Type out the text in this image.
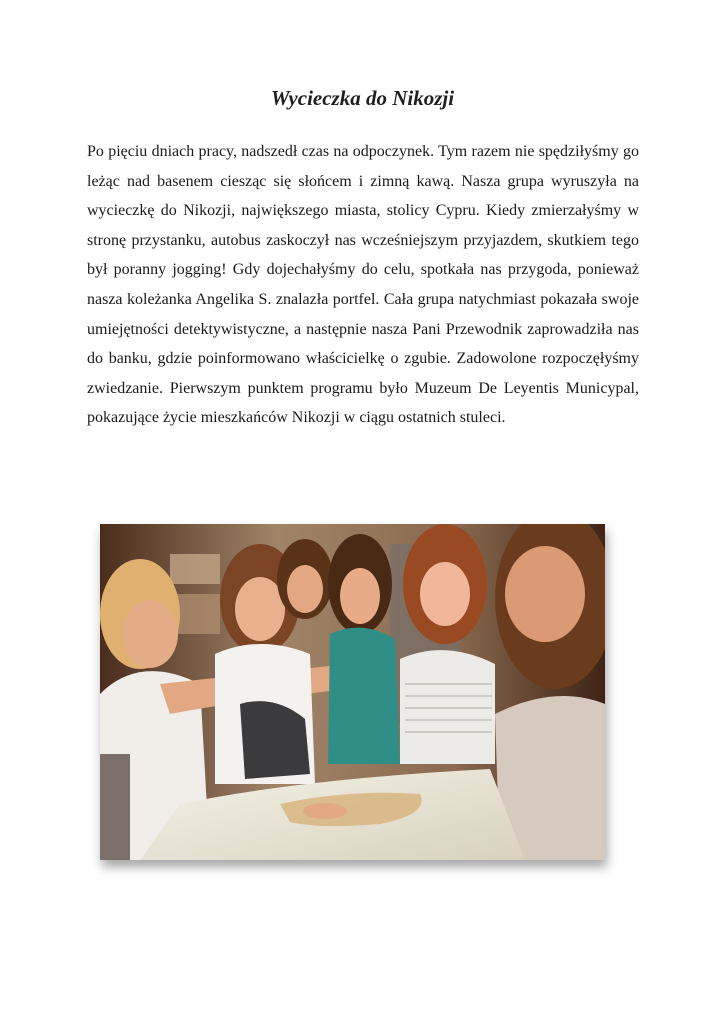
Wycieczka do Nikozji

Po pięciu dniach pracy, nadszedł czas na odpoczynek. Tym razem nie spędziłyśmy go leżąc nad basenem ciesząc się słońcem i zimną kawą. Nasza grupa wyruszyła na wycieczkę do Nikozji, największego miasta, stolicy Cypru. Kiedy zmierzałyśmy w stronę przystanku, autobus zaskoczył nas wcześniejszym przyjazdem, skutkiem tego był poranny jogging! Gdy dojechałyśmy do celu, spotkała nas przygoda, ponieważ nasza koleżanka Angelika S. znalazła portfel. Cała grupa natychmiast pokazała swoje umiejętności detektywistyczne, a następnie nasza Pani Przewodnik zaprowadziła nas do banku, gdzie poinformowano właścicielkę o zgubie. Zadowolone rozpoczęłyśmy zwiedzanie. Pierwszym punktem programu było Muzeum De Leyentis Municypal, pokazujące życie mieszkańców Nikozji w ciągu ostatnich stuleci.
